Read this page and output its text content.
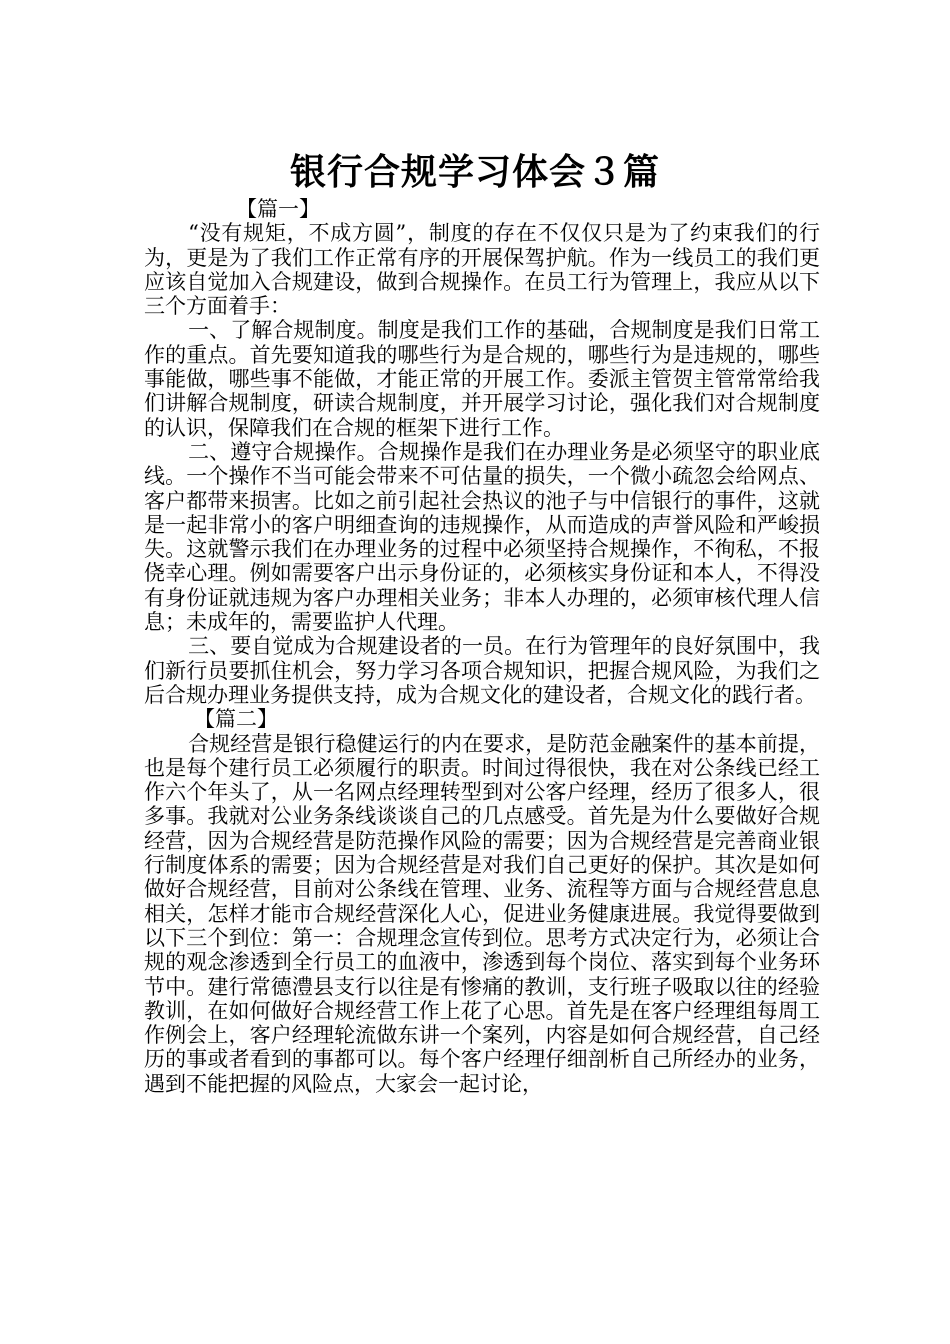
银行合规学习体会３篇

【篇一】

“没有规矩，不成方圆”，制度的存在不仅仅只是为了约束我们的行为，更是为了我们工作正常有序的开展保驾护航。作为一线员工的我们更应该自觉加入合规建设，做到合规操作。在员工行为管理上，我应从以下三个方面着手：

一、了解合规制度。制度是我们工作的基础，合规制度是我们日常工作的重点。首先要知道我的哪些行为是合规的，哪些行为是违规的，哪些事能做，哪些事不能做，才能正常的开展工作。委派主管贺主管常常给我们讲解合规制度，研读合规制度，并开展学习讨论，强化我们对合规制度的认识，保障我们在合规的框架下进行工作。

二、遵守合规操作。合规操作是我们在办理业务是必须坚守的职业底线。一个操作不当可能会带来不可估量的损失，一个微小疏忽会给网点、客户都带来损害。比如之前引起社会热议的池子与中信银行的事件，这就是一起非常小的客户明细查询的违规操作，从而造成的声誉风险和严峻损失。这就警示我们在办理业务的过程中必须坚持合规操作，不徇私，不报侥幸心理。例如需要客户出示身份证的，必须核实身份证和本人，不得没有身份证就违规为客户办理相关业务；非本人办理的，必须审核代理人信息；未成年的，需要监护人代理。

三、要自觉成为合规建设者的一员。在行为管理年的良好氛围中，我们新行员要抓住机会，努力学习各项合规知识，把握合规风险，为我们之后合规办理业务提供支持，成为合规文化的建设者，合规文化的践行者。

【篇二】

合规经营是银行稳健运行的内在要求，是防范金融案件的基本前提，也是每个建行员工必须履行的职责。时间过得很快，我在对公条线已经工作六个年头了，从一名网点经理转型到对公客户经理，经历了很多人，很多事。我就对公业务条线谈谈自己的几点感受。首先是为什么要做好合规经营，因为合规经营是防范操作风险的需要；因为合规经营是完善商业银行制度体系的需要；因为合规经营是对我们自己更好的保护。其次是如何做好合规经营，目前对公条线在管理、业务、流程等方面与合规经营息息相关，怎样才能市合规经营深化人心，促进业务健康进展。我觉得要做到以下三个到位：第一：合规理念宣传到位。思考方式决定行为，必须让合规的观念渗透到全行员工的血液中，渗透到每个岗位、落实到每个业务环节中。建行常德澧县支行以往是有惨痛的教训，支行班子吸取以往的经验教训，在如何做好合规经营工作上花了心思。首先是在客户经理组每周工作例会上，客户经理轮流做东讲一个案列，内容是如何合规经营，自己经历的事或者看到的事都可以。每个客户经理仔细剖析自己所经办的业务，遇到不能把握的风险点，大家会一起讨论，
